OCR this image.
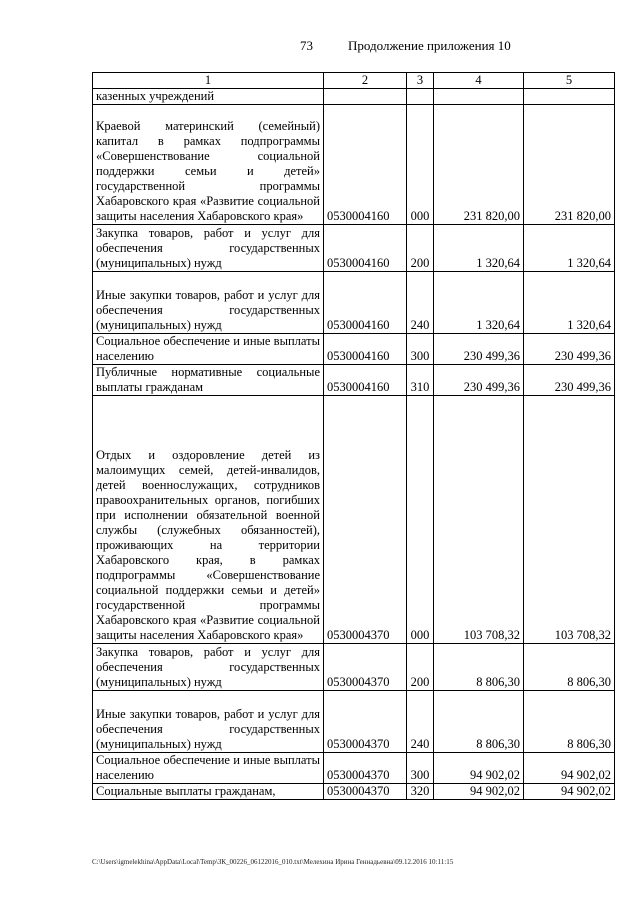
73	Продолжение приложения 10
1	2	3	4	5
казенных учреждений				
Краевой материнский (семейный) капитал в рамках подпрограммы «Совершенствование социальной поддержки семьи и детей» государственной программы Хабаровского края «Развитие социальной защиты населения Хабаровского края»	0530004160	000	231 820,00	231 820,00
Закупка товаров, работ и услуг для обеспечения государственных (муниципальных) нужд	0530004160	200	1 320,64	1 320,64
Иные закупки товаров, работ и услуг для обеспечения государственных (муниципальных) нужд	0530004160	240	1 320,64	1 320,64
Социальное обеспечение и иные выплаты населению	0530004160	300	230 499,36	230 499,36
Публичные нормативные социальные выплаты гражданам	0530004160	310	230 499,36	230 499,36
Отдых и оздоровление детей из малоимущих семей, детей-инвалидов, детей военнослужащих, сотрудников правоохранительных органов, погибших при исполнении обязательной военной службы (служебных обязанностей), проживающих на территории Хабаровского края, в рамках подпрограммы «Совершенствование социальной поддержки семьи и детей» государственной программы Хабаровского края «Развитие социальной защиты населения Хабаровского края»	0530004370	000	103 708,32	103 708,32
Закупка товаров, работ и услуг для обеспечения государственных (муниципальных) нужд	0530004370	200	8 806,30	8 806,30
Иные закупки товаров, работ и услуг для обеспечения государственных (муниципальных) нужд	0530004370	240	8 806,30	8 806,30
Социальное обеспечение и иные выплаты населению	0530004370	300	94 902,02	94 902,02
Социальные выплаты гражданам,	0530004370	320	94 902,02	94 902,02
C:\Users\igmelekhina\AppData\Local\Temp\ЗК_00226_06122016_010.txt\Мелехина Ирина Геннадьевна\09.12.2016 10:11:15
